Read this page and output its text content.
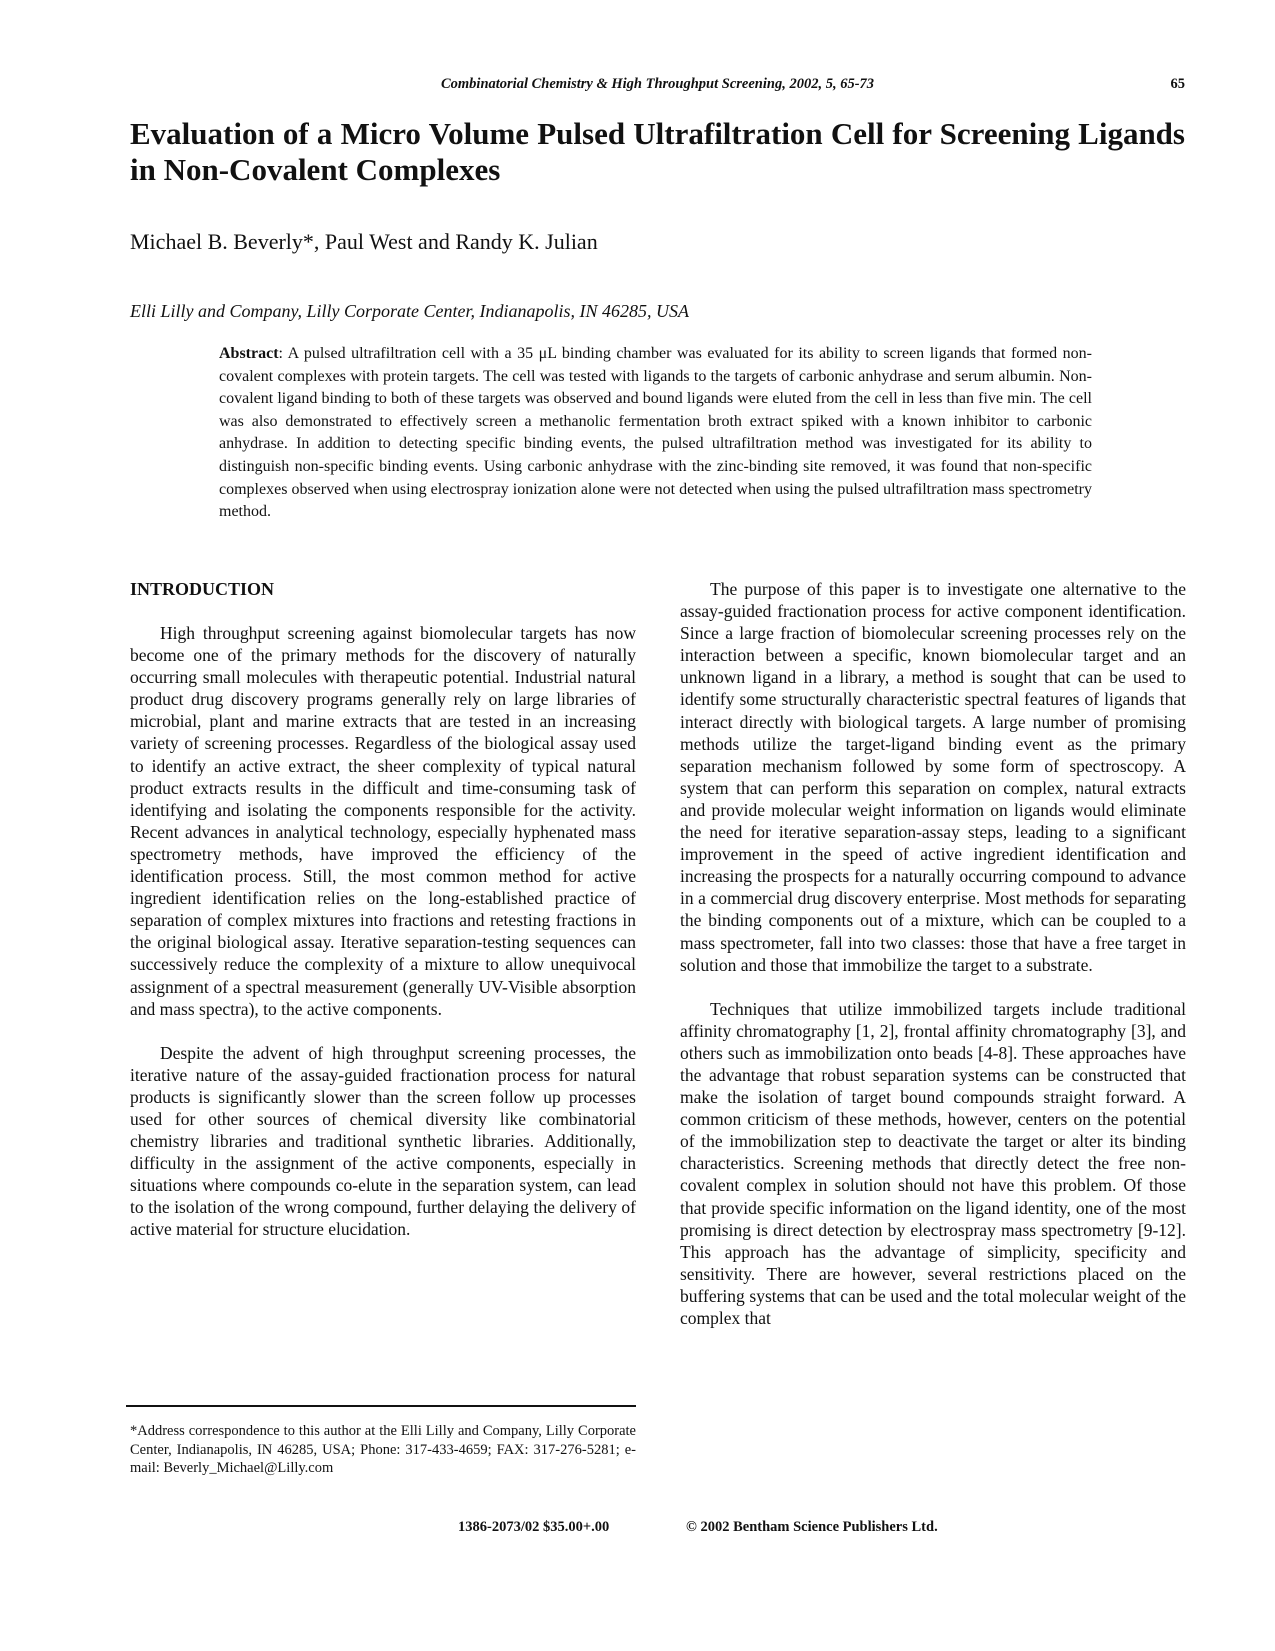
Combinatorial Chemistry & High Throughput Screening, 2002, 5, 65-73	65
Evaluation of a Micro Volume Pulsed Ultrafiltration Cell for Screening Ligands in Non-Covalent Complexes
Michael B. Beverly*, Paul West and Randy K. Julian
Elli Lilly and Company, Lilly Corporate Center, Indianapolis, IN 46285, USA

Abstract: A pulsed ultrafiltration cell with a 35 μL binding chamber was evaluated for its ability to screen ligands that formed non-covalent complexes with protein targets. The cell was tested with ligands to the targets of carbonic anhydrase and serum albumin. Non-covalent ligand binding to both of these targets was observed and bound ligands were eluted from the cell in less than five min. The cell was also demonstrated to effectively screen a methanolic fermentation broth extract spiked with a known inhibitor to carbonic anhydrase. In addition to detecting specific binding events, the pulsed ultrafiltration method was investigated for its ability to distinguish non-specific binding events. Using carbonic anhydrase with the zinc-binding site removed, it was found that non-specific complexes observed when using electrospray ionization alone were not detected when using the pulsed ultrafiltration mass spectrometry method.

INTRODUCTION

High throughput screening against biomolecular targets has now become one of the primary methods for the discovery of naturally occurring small molecules with therapeutic potential. Industrial natural product drug discovery programs generally rely on large libraries of microbial, plant and marine extracts that are tested in an increasing variety of screening processes. Regardless of the biological assay used to identify an active extract, the sheer complexity of typical natural product extracts results in the difficult and time-consuming task of identifying and isolating the components responsible for the activity. Recent advances in analytical technology, especially hyphenated mass spectrometry methods, have improved the efficiency of the identification process. Still, the most common method for active ingredient identification relies on the long-established practice of separation of complex mixtures into fractions and retesting fractions in the original biological assay. Iterative separation-testing sequences can successively reduce the complexity of a mixture to allow unequivocal assignment of a spectral measurement (generally UV-Visible absorption and mass spectra), to the active components.

Despite the advent of high throughput screening processes, the iterative nature of the assay-guided fractionation process for natural products is significantly slower than the screen follow up processes used for other sources of chemical diversity like combinatorial chemistry libraries and traditional synthetic libraries. Additionally, difficulty in the assignment of the active components, especially in situations where compounds co-elute in the separation system, can lead to the isolation of the wrong compound, further delaying the delivery of active material for structure elucidation.

The purpose of this paper is to investigate one alternative to the assay-guided fractionation process for active component identification. Since a large fraction of biomolecular screening processes rely on the interaction between a specific, known biomolecular target and an unknown ligand in a library, a method is sought that can be used to identify some structurally characteristic spectral features of ligands that interact directly with biological targets. A large number of promising methods utilize the target-ligand binding event as the primary separation mechanism followed by some form of spectroscopy. A system that can perform this separation on complex, natural extracts and provide molecular weight information on ligands would eliminate the need for iterative separation-assay steps, leading to a significant improvement in the speed of active ingredient identification and increasing the prospects for a naturally occurring compound to advance in a commercial drug discovery enterprise. Most methods for separating the binding components out of a mixture, which can be coupled to a mass spectrometer, fall into two classes: those that have a free target in solution and those that immobilize the target to a substrate.

Techniques that utilize immobilized targets include traditional affinity chromatography [1, 2], frontal affinity chromatography [3], and others such as immobilization onto beads [4-8]. These approaches have the advantage that robust separation systems can be constructed that make the isolation of target bound compounds straight forward. A common criticism of these methods, however, centers on the potential of the immobilization step to deactivate the target or alter its binding characteristics. Screening methods that directly detect the free non-covalent complex in solution should not have this problem. Of those that provide specific information on the ligand identity, one of the most promising is direct detection by electrospray mass spectrometry [9-12]. This approach has the advantage of simplicity, specificity and sensitivity. There are however, several restrictions placed on the buffering systems that can be used and the total molecular weight of the complex that

*Address correspondence to this author at the Elli Lilly and Company, Lilly Corporate Center, Indianapolis, IN 46285, USA; Phone: 317-433-4659; FAX: 317-276-5281; e-mail: Beverly_Michael@Lilly.com
1386-2073/02 $35.00+.00	© 2002 Bentham Science Publishers Ltd.
